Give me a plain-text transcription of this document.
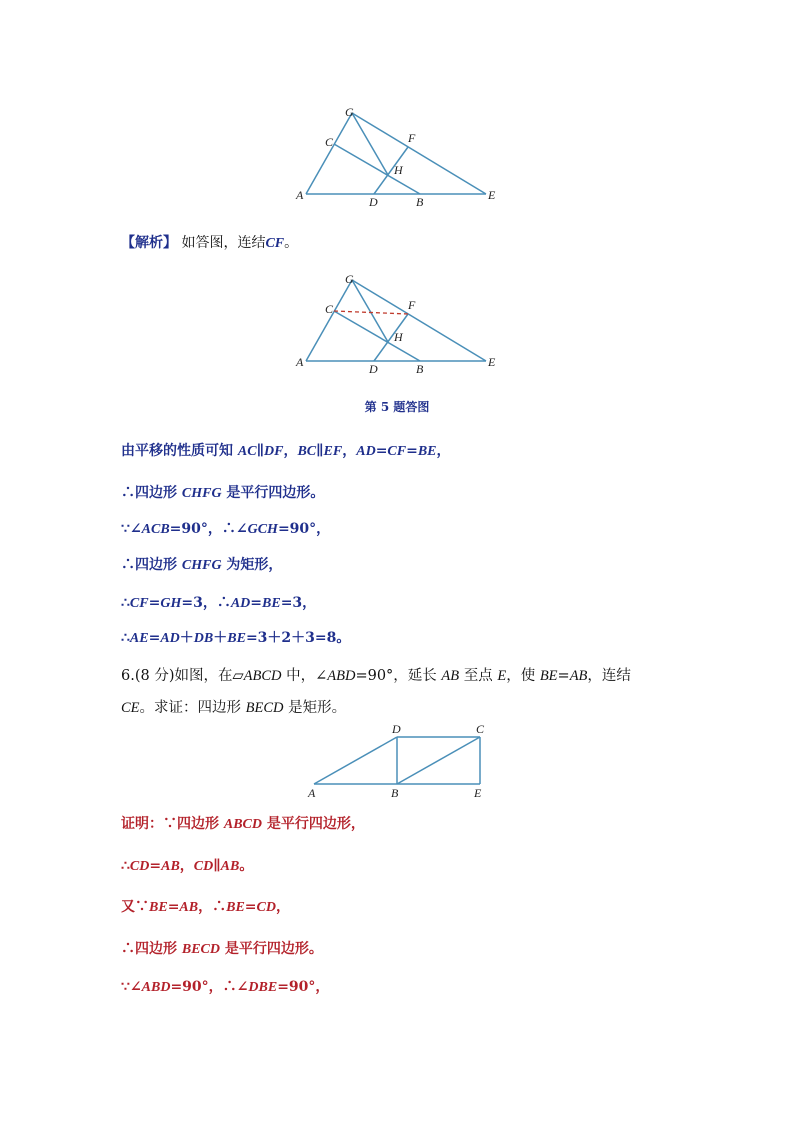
G
C	F
H
A	D	B	E
【解析】 如答图，连结CF。
G
C	F
H
A	D	B	E
第 5 题答图
由平移的性质可知 AC∥DF，BC∥EF，AD=CF=BE，
∴四边形 CHFG 是平行四边形。
∵∠ACB=90°，∴∠GCH=90°，
∴四边形 CHFG 为矩形，
∴CF=GH=3，∴AD=BE=3，
∴AE=AD＋DB＋BE=3＋2＋3=8。
6.(8 分)如图，在▱ABCD 中，∠ABD=90°，延长 AB 至点 E，使 BE=AB，连结
CE。求证：四边形 BECD 是矩形。
A	B	E
D	C
证明：∵四边形 ABCD 是平行四边形，
∴CD=AB，CD∥AB。
又∵BE=AB，∴BE=CD，
∴四边形 BECD 是平行四边形。
∵∠ABD=90°，∴∠DBE=90°，
